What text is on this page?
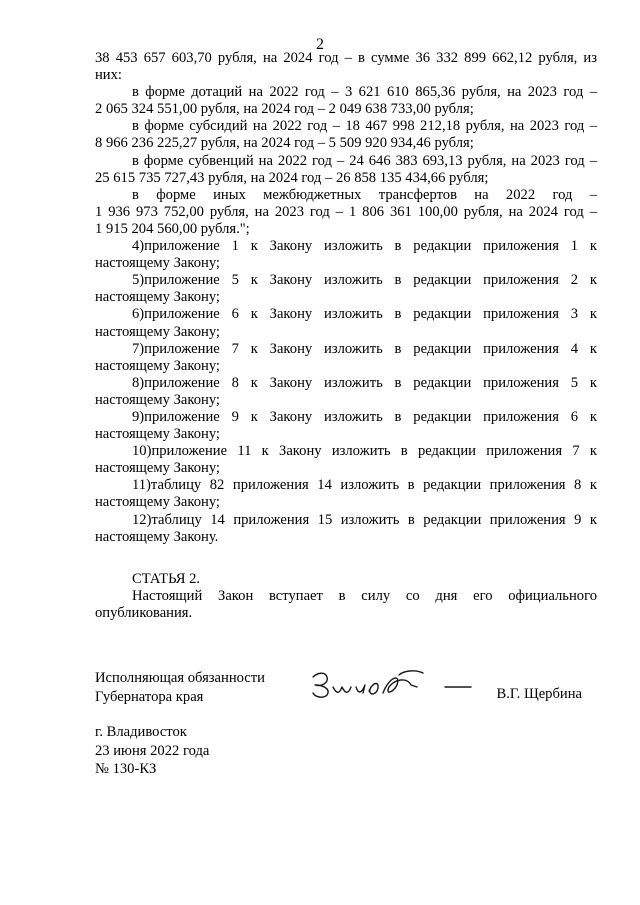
2

38 453 657 603,70 рубля, на 2024 год – в сумме 36 332 899 662,12 рубля, из

них:

в форме дотаций на 2022 год – 3 621 610 865,36 рубля, на 2023 год –

2 065 324 551,00 рубля, на 2024 год – 2 049 638 733,00 рубля;

в форме субсидий на 2022 год – 18 467 998 212,18 рубля, на 2023 год –

8 966 236 225,27 рубля, на 2024 год – 5 509 920 934,46 рубля;

в форме субвенций на 2022 год – 24 646 383 693,13 рубля, на 2023 год –

25 615 735 727,43 рубля, на 2024 год – 26 858 135 434,66 рубля;

в форме иных межбюджетных трансфертов на 2022 год –

1 936 973 752,00 рубля, на 2023 год – 1 806 361 100,00 рубля, на 2024 год –

1 915 204 560,00 рубля.";

4)приложение 1 к Закону изложить в редакции приложения 1 к

настоящему Закону;

5)приложение 5 к Закону изложить в редакции приложения 2 к

настоящему Закону;

6)приложение 6 к Закону изложить в редакции приложения 3 к

настоящему Закону;

7)приложение 7 к Закону изложить в редакции приложения 4 к

настоящему Закону;

8)приложение 8 к Закону изложить в редакции приложения 5 к

настоящему Закону;

9)приложение 9 к Закону изложить в редакции приложения 6 к

настоящему Закону;

10)приложение 11 к Закону изложить в редакции приложения 7 к

настоящему Закону;

11)таблицу 82 приложения 14 изложить в редакции приложения 8 к

настоящему Закону;

12)таблицу 14 приложения 15 изложить в редакции приложения 9 к

настоящему Закону.

СТАТЬЯ 2.

Настоящий Закон вступает в силу со дня его официального

опубликования.

Исполняющая обязанности
Губернатора края	В.Г. Щербина
г. Владивосток
23 июня 2022 года
№ 130-КЗ
